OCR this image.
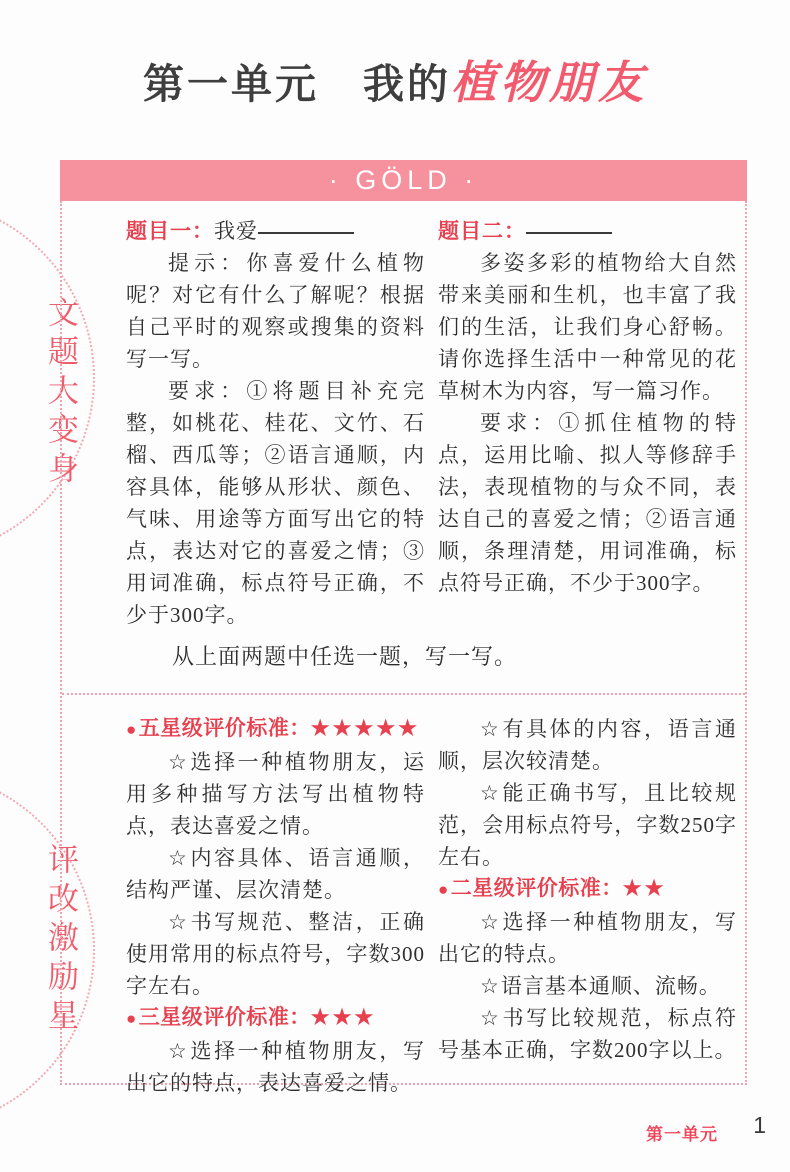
文题大变身
评改激励星
第一单元　我的植物朋友
· GÖLD ·
题目一：我爱

提示：你喜爱什么植物呢？对它有什么了解呢？根据自己平时的观察或搜集的资料写一写。

要求：①将题目补充完整，如桃花、桂花、文竹、石榴、西瓜等；②语言通顺，内容具体，能够从形状、颜色、气味、用途等方面写出它的特点，表达对它的喜爱之情；③用词准确，标点符号正确，不少于300字。

题目二：

多姿多彩的植物给大自然带来美丽和生机，也丰富了我们的生活，让我们身心舒畅。请你选择生活中一种常见的花草树木为内容，写一篇习作。

要求：①抓住植物的特点，运用比喻、拟人等修辞手法，表现植物的与众不同，表达自己的喜爱之情；②语言通顺，条理清楚，用词准确，标点符号正确，不少于300字。

从上面两题中任选一题，写一写。
●五星级评价标准：★★★★★

☆选择一种植物朋友，运用多种描写方法写出植物特点，表达喜爱之情。

☆内容具体、语言通顺，结构严谨、层次清楚。

☆书写规范、整洁，正确使用常用的标点符号，字数300字左右。

●三星级评价标准：★★★

☆选择一种植物朋友，写出它的特点，表达喜爱之情。

☆有具体的内容，语言通顺，层次较清楚。

☆能正确书写，且比较规范，会用标点符号，字数250字左右。

●二星级评价标准：★★

☆选择一种植物朋友，写出它的特点。

☆语言基本通顺、流畅。

☆书写比较规范，标点符号基本正确，字数200字以上。

第一单元 1
